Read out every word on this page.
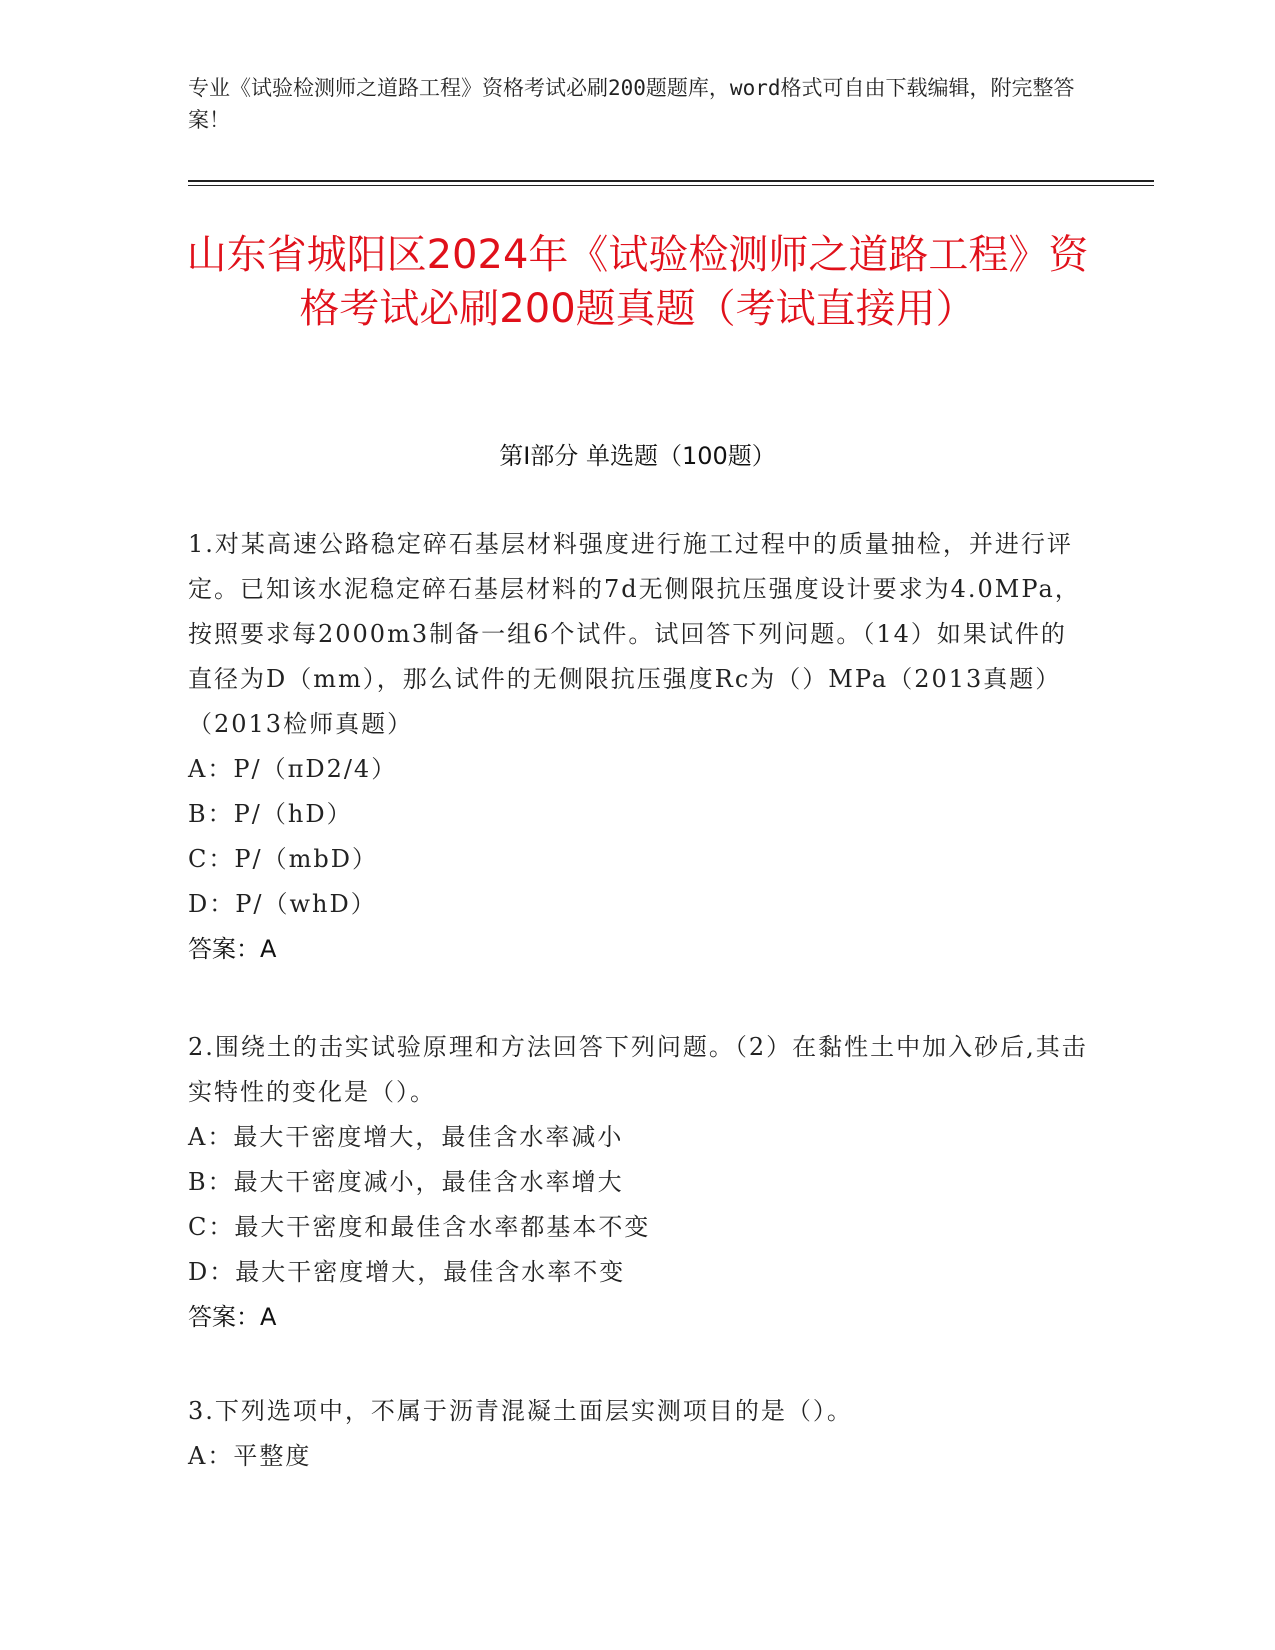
专业《试验检测师之道路工程》资格考试必刷200题题库，word格式可自由下载编辑，附完整答案！
山东省城阳区2024年《试验检测师之道路工程》资格考试必刷200题真题（考试直接用）
第I部分 单选题（100题）
1.对某高速公路稳定碎石基层材料强度进行施工过程中的质量抽检，并进行评定。已知该水泥稳定碎石基层材料的7d无侧限抗压强度设计要求为4.0MPa，按照要求每2000m3制备一组6个试件。试回答下列问题。（14）如果试件的直径为D（mm），那么试件的无侧限抗压强度Rc为（）MPa（2013真题）（2013检师真题）
A：P/（πD2/4）
B：P/（hD）
C：P/（mbD）
D：P/（whD）
答案：A
2.围绕土的击实试验原理和方法回答下列问题。（2）在黏性土中加入砂后,其击实特性的变化是（）。
A：最大干密度增大，最佳含水率减小
B：最大干密度减小，最佳含水率增大
C：最大干密度和最佳含水率都基本不变
D：最大干密度增大，最佳含水率不变
答案：A
3.下列选项中，不属于沥青混凝土面层实测项目的是（）。
A：平整度
